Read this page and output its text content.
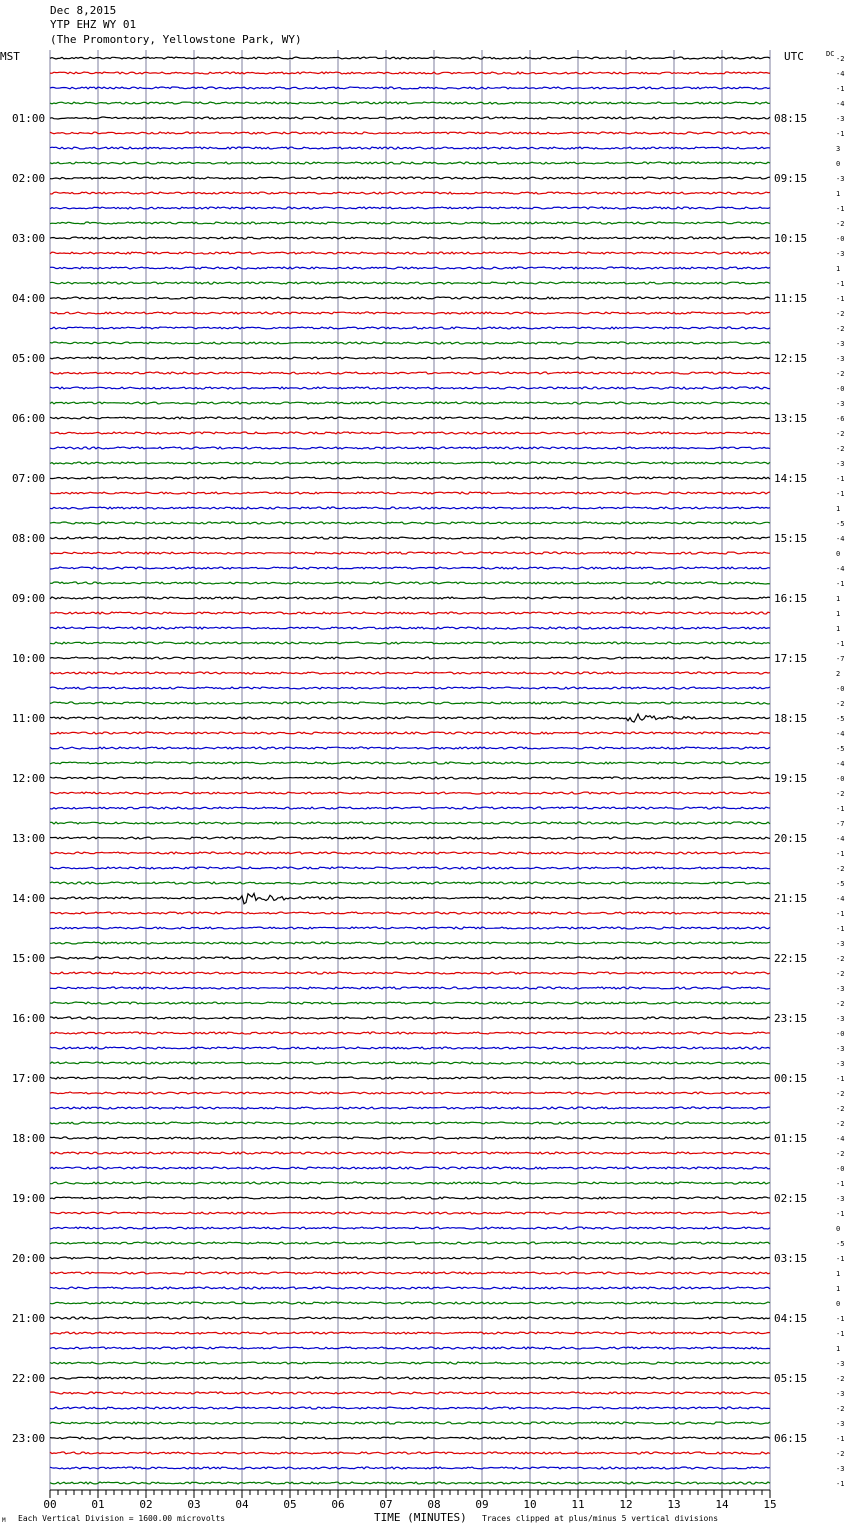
Dec 8,2015
YTP EHZ WY 01
(The Promontory, Yellowstone Park, WY)
MST	UTC	DC
00	01	02	03	04	05	06	07	08	09	10	11	12	13	14	15
-2
-4
-1
-4
-3
-1
3
0
-3
1
-1
-2
-0
-3
1
-1
-1
-2
-2
-3
-3
-2
-0
-3
-6
-2
-2
-3
-1
-1
1
-5
-4
0
-4
-1
1
1
1
-1
-7
2
-0
-2
-5
-4
-5
-4
-0
-2
-1
-7
-4
-1
-2
-5
-4
-1
-1
-3
-2
-2
-3
-2
-3
-0
-3
-3
-1
-2
-2
-2
-4
-2
-0
-1
-3
-1
0
-5
-1
1
1
0
-1
-1
1
-3
-2
-3
-2
-3
-1
-2
-3
-1
01:00
02:00
03:00
04:00
05:00
06:00
07:00
08:00
09:00
10:00
11:00
12:00
13:00
14:00
15:00
16:00
17:00
18:00
19:00
20:00
21:00
22:00
23:00
08:15
09:15
10:15
11:15
12:15
13:15
14:15
15:15
16:15
17:15
18:15
19:15
20:15
21:15
22:15
23:15
00:15
01:15
02:15
03:15
04:15
05:15
06:15
M Each Vertical Division = 1600.00 microvolts	TIME (MINUTES) Traces clipped at plus/minus 5 vertical divisions
